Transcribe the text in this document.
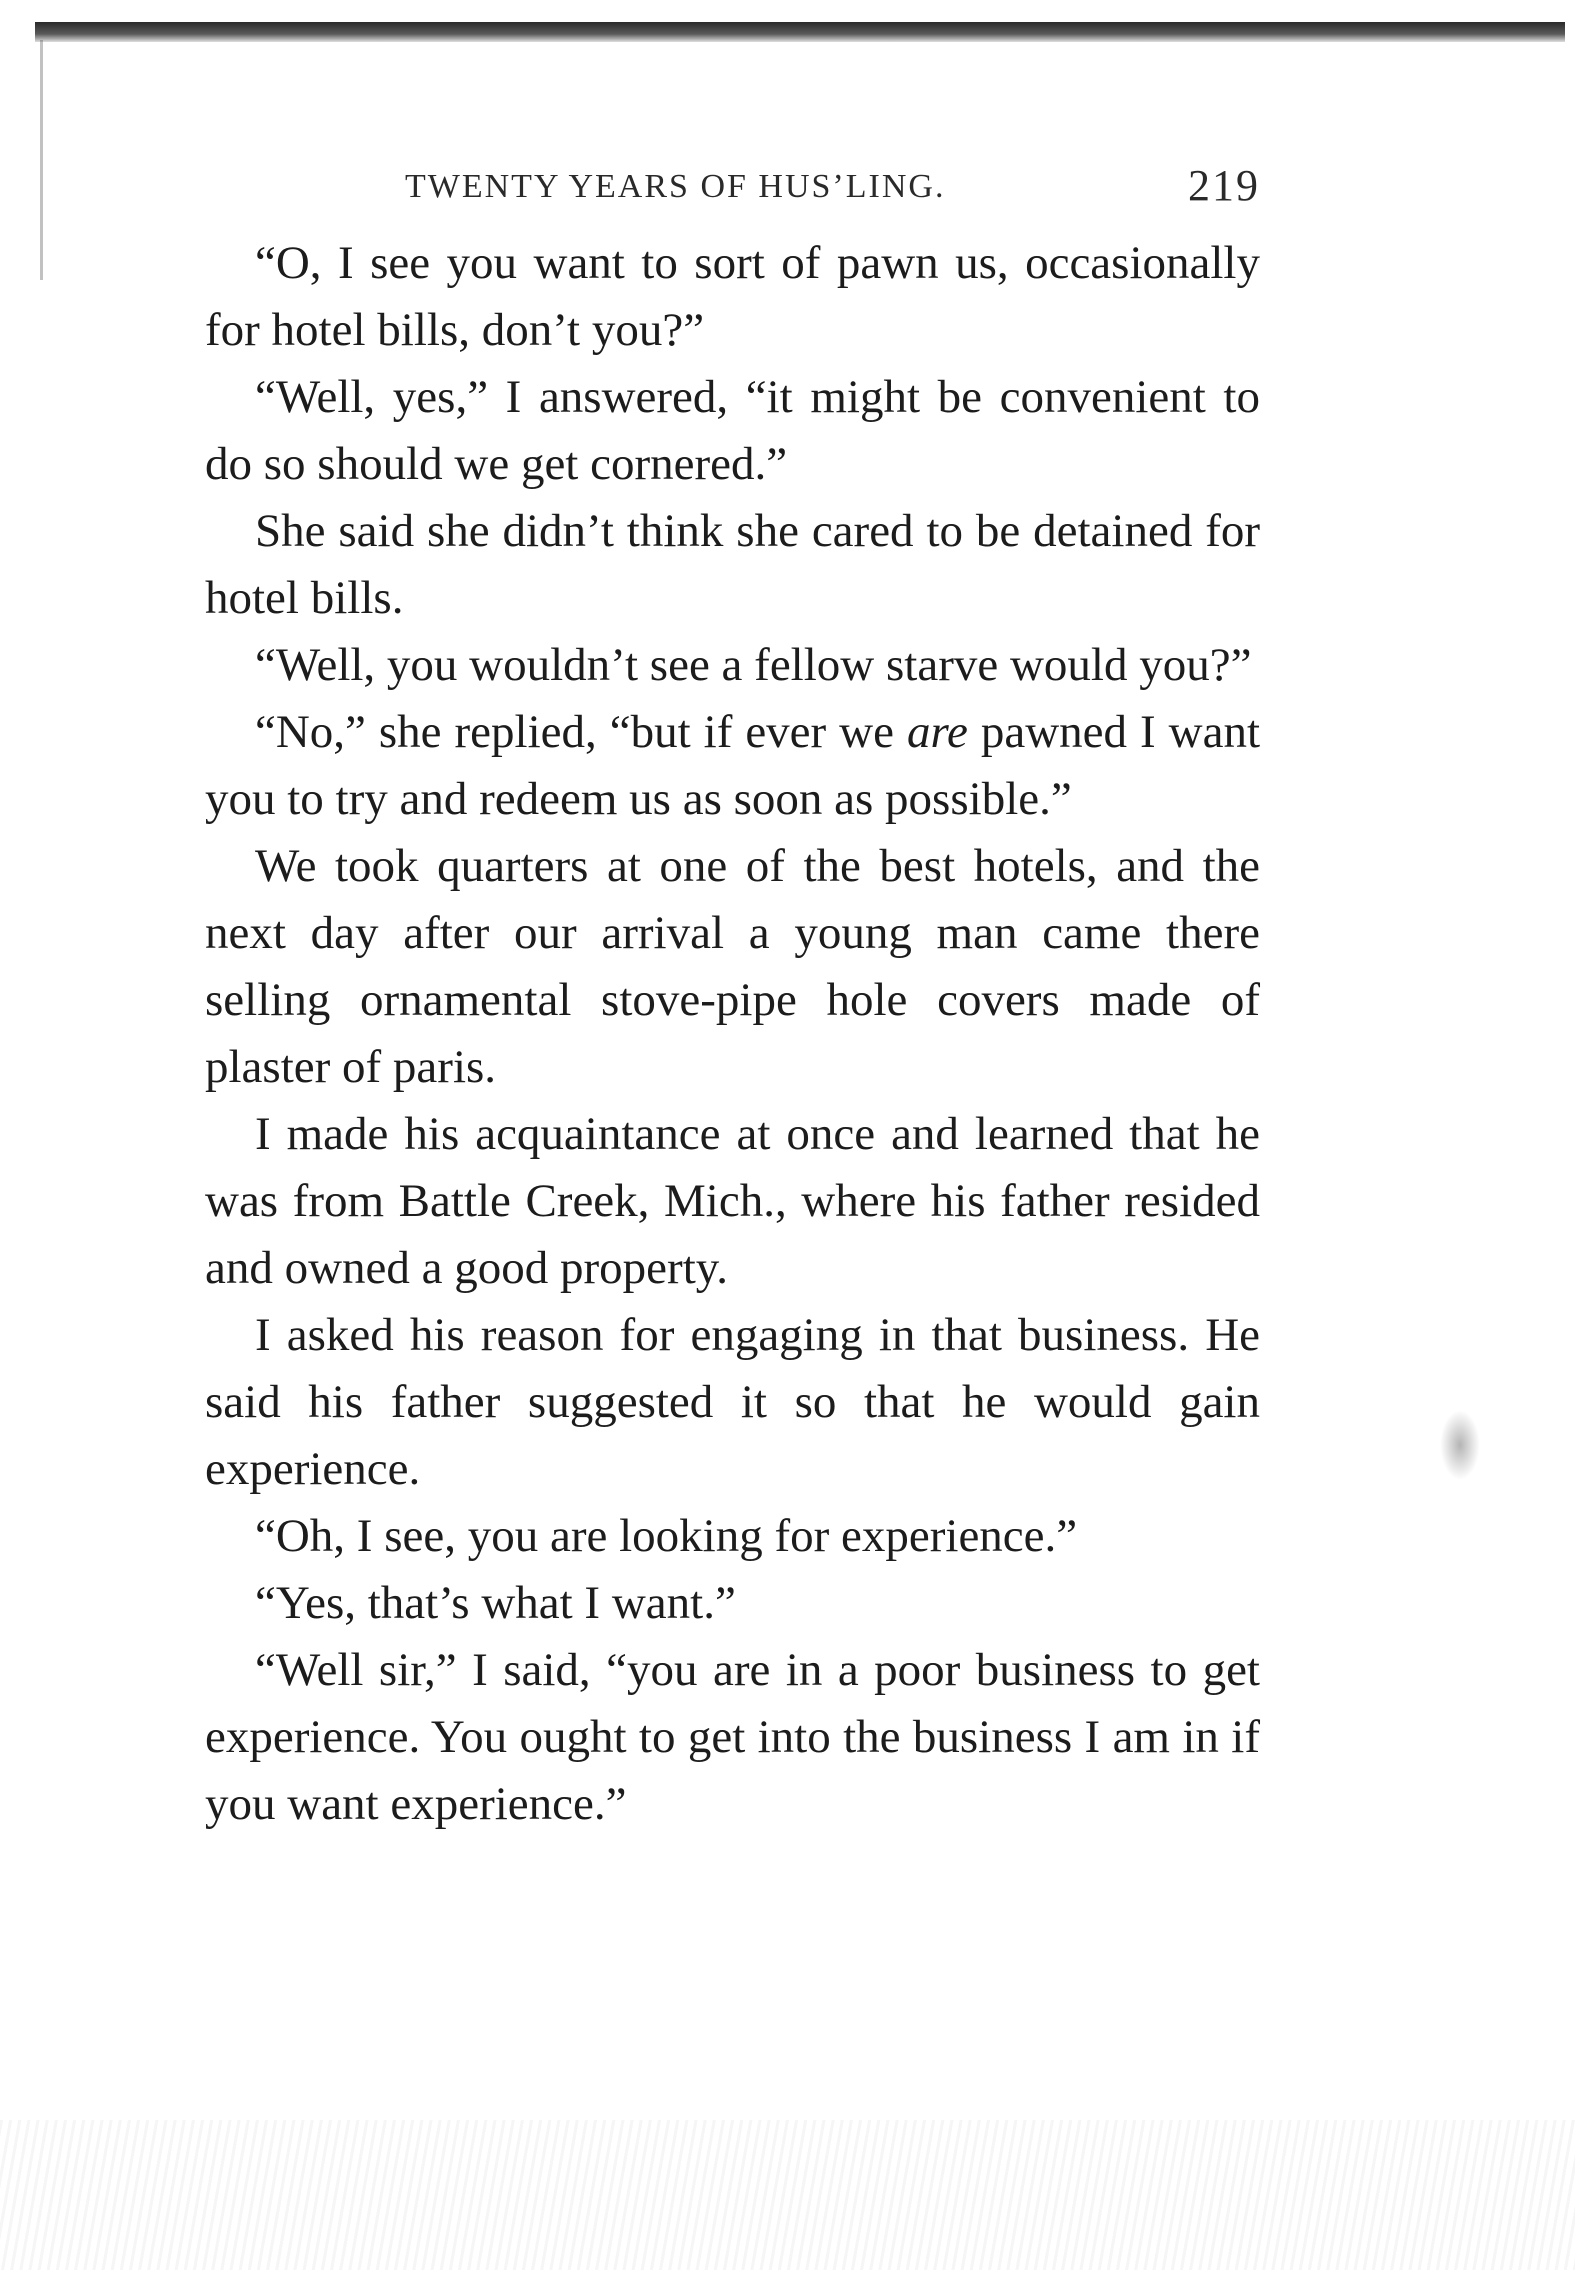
TWENTY YEARS OF HUS’LING.	219

“O, I see you want to sort of pawn us, occasionally for hotel bills, don’t you?”

“Well, yes,” I answered, “it might be convenient to do so should we get cornered.”

She said she didn’t think she cared to be detained for hotel bills.

“Well, you wouldn’t see a fellow starve would you?”

“No,” she replied, “but if ever we are pawned I want you to try and redeem us as soon as possible.”

We took quarters at one of the best hotels, and the next day after our arrival a young man came there selling ornamental stove-pipe hole covers made of plaster of paris.

I made his acquaintance at once and learned that he was from Battle Creek, Mich., where his father resided and owned a good property.

I asked his reason for engaging in that business. He said his father suggested it so that he would gain experience.

“Oh, I see, you are looking for experience.”

“Yes, that’s what I want.”

“Well sir,” I said, “you are in a poor business to get experience. You ought to get into the business I am in if you want experience.”
